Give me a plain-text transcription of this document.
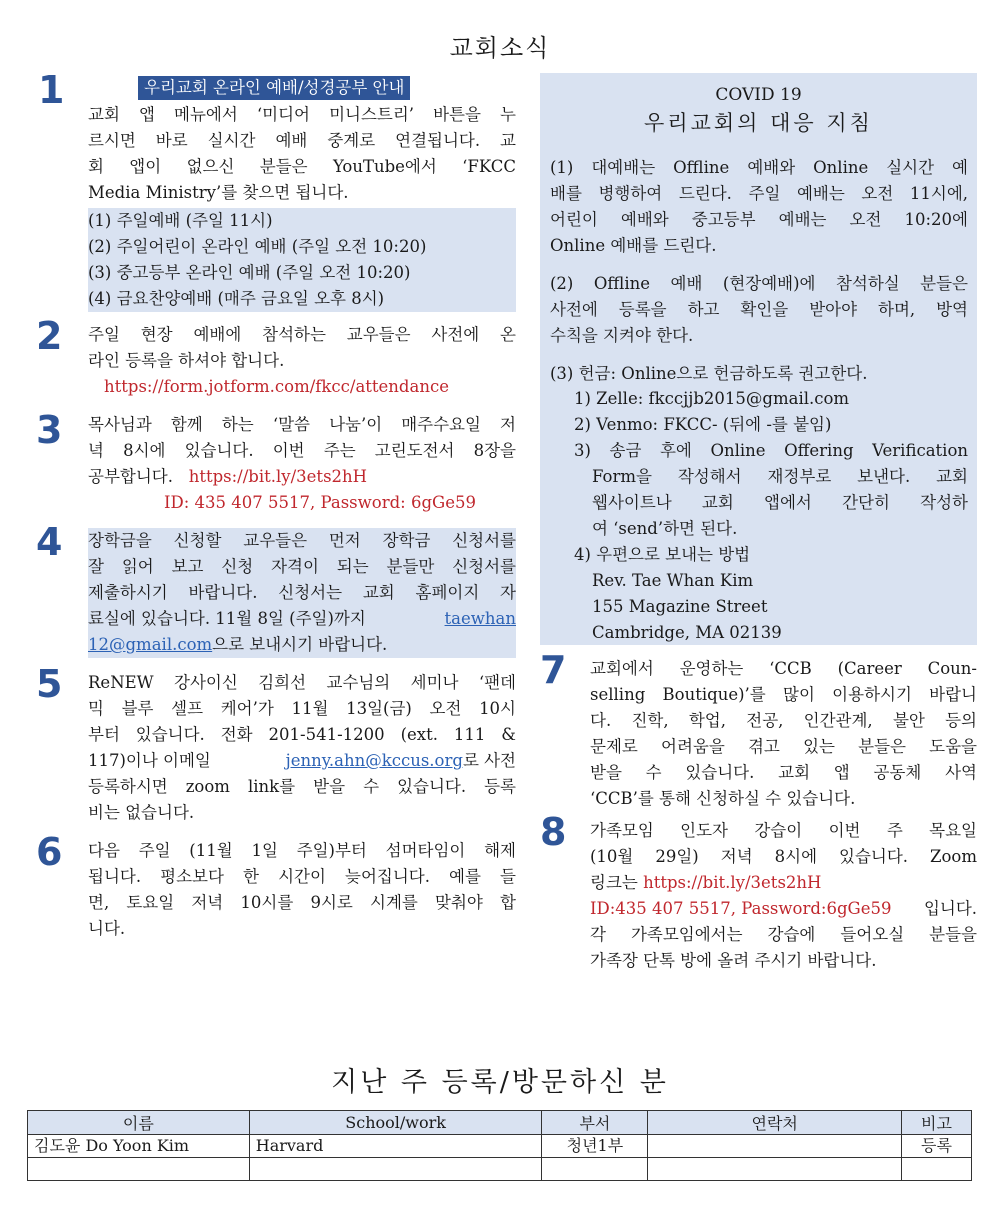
교회소식
1	우리교회 온라인 예배/성경공부 안내
교회 앱 메뉴에서 ‘미디어 미니스트리’ 바튼을 누
르시면 바로 실시간 예배 중계로 연결됩니다. 교
회 앱이 없으신 분들은 YouTube에서 ‘FKCC
Media Ministry’를 찾으면 됩니다.
(1) 주일예배 (주일 11시)
(2) 주일어린이 온라인 예배 (주일 오전 10:20)
(3) 중고등부 온라인 예배 (주일 오전 10:20)
(4) 금요찬양예배 (매주 금요일 오후 8시)
2 주일 현장 예배에 참석하는 교우들은 사전에 온
라인 등록을 하셔야 합니다.
https://form.jotform.com/fkcc/attendance
3 목사님과 함께 하는 ‘말씀 나눔’이 매주수요일 저
녁 8시에 있습니다. 이번 주는 고린도전서 8장을
공부합니다. https://bit.ly/3ets2hH
ID: 435 407 5517, Password: 6gGe59
4 장학금을 신청할 교우들은 먼저 장학금 신청서를
잘 읽어 보고 신청 자격이 되는 분들만 신청서를
제출하시기 바랍니다. 신청서는 교회 홈페이지 자
료실에 있습니다. 11월 8일 (주일)까지	taewhan
12@gmail.com으로 보내시기 바랍니다.
5 ReNEW 강사이신 김희선 교수님의 세미나 ‘팬데
믹 블루 셀프 케어’가 11월 13일(금) 오전 10시
부터 있습니다. 전화 201-541-1200 (ext. 111 &
117)이나 이메일	jenny.ahn@kccus.org로 사전
등록하시면 zoom link를 받을 수 있습니다. 등록
비는 없습니다.
6 다음 주일 (11월 1일 주일)부터 섬머타임이 해제
됩니다. 평소보다 한 시간이 늦어집니다. 예를 들
면, 토요일 저녁 10시를 9시로 시계를 맞춰야 합
니다.
COVID 19
우리교회의 대응 지침
(1) 대예배는 Offline 예배와 Online 실시간 예
배를 병행하여 드린다. 주일 예배는 오전 11시에,
어린이 예배와 중고등부 예배는 오전 10:20에
Online 예배를 드린다.
(2) Offline 예배 (현장예배)에 참석하실 분들은
사전에 등록을 하고 확인을 받아야 하며, 방역
수칙을 지켜야 한다.
(3) 헌금: Online으로 헌금하도록 권고한다.
1) Zelle: fkccjjb2015@gmail.com
2) Venmo: FKCC- (뒤에 -를 붙임)
3) 송금 후에 Online Offering Verification
Form을 작성해서 재정부로 보낸다. 교회
웹사이트나 교회 앱에서 간단히 작성하
여 ‘send’하면 된다.
4) 우편으로 보내는 방법
Rev. Tae Whan Kim
155 Magazine Street
Cambridge, MA 02139
7 교회에서 운영하는 ‘CCB (Career Coun-
selling Boutique)’를 많이 이용하시기 바랍니
다. 진학, 학업, 전공, 인간관계, 불안 등의
문제로 어려움을 겪고 있는 분들은 도움을
받을 수 있습니다. 교회 앱 공동체 사역
‘CCB’를 통해 신청하실 수 있습니다.
8 가족모임 인도자 강습이 이번 주 목요일
(10월 29일) 저녁 8시에 있습니다. Zoom
링크는 https://bit.ly/3ets2hH
ID:435 407 5517, Password:6gGe59 입니다.
각 가족모임에서는 강습에 들어오실 분들을
가족장 단톡 방에 올려 주시기 바랍니다.
지난 주 등록/방문하신 분
이름	School/work	부서	연락처	비고
김도윤 Do Yoon Kim	Harvard	청년1부		등록
